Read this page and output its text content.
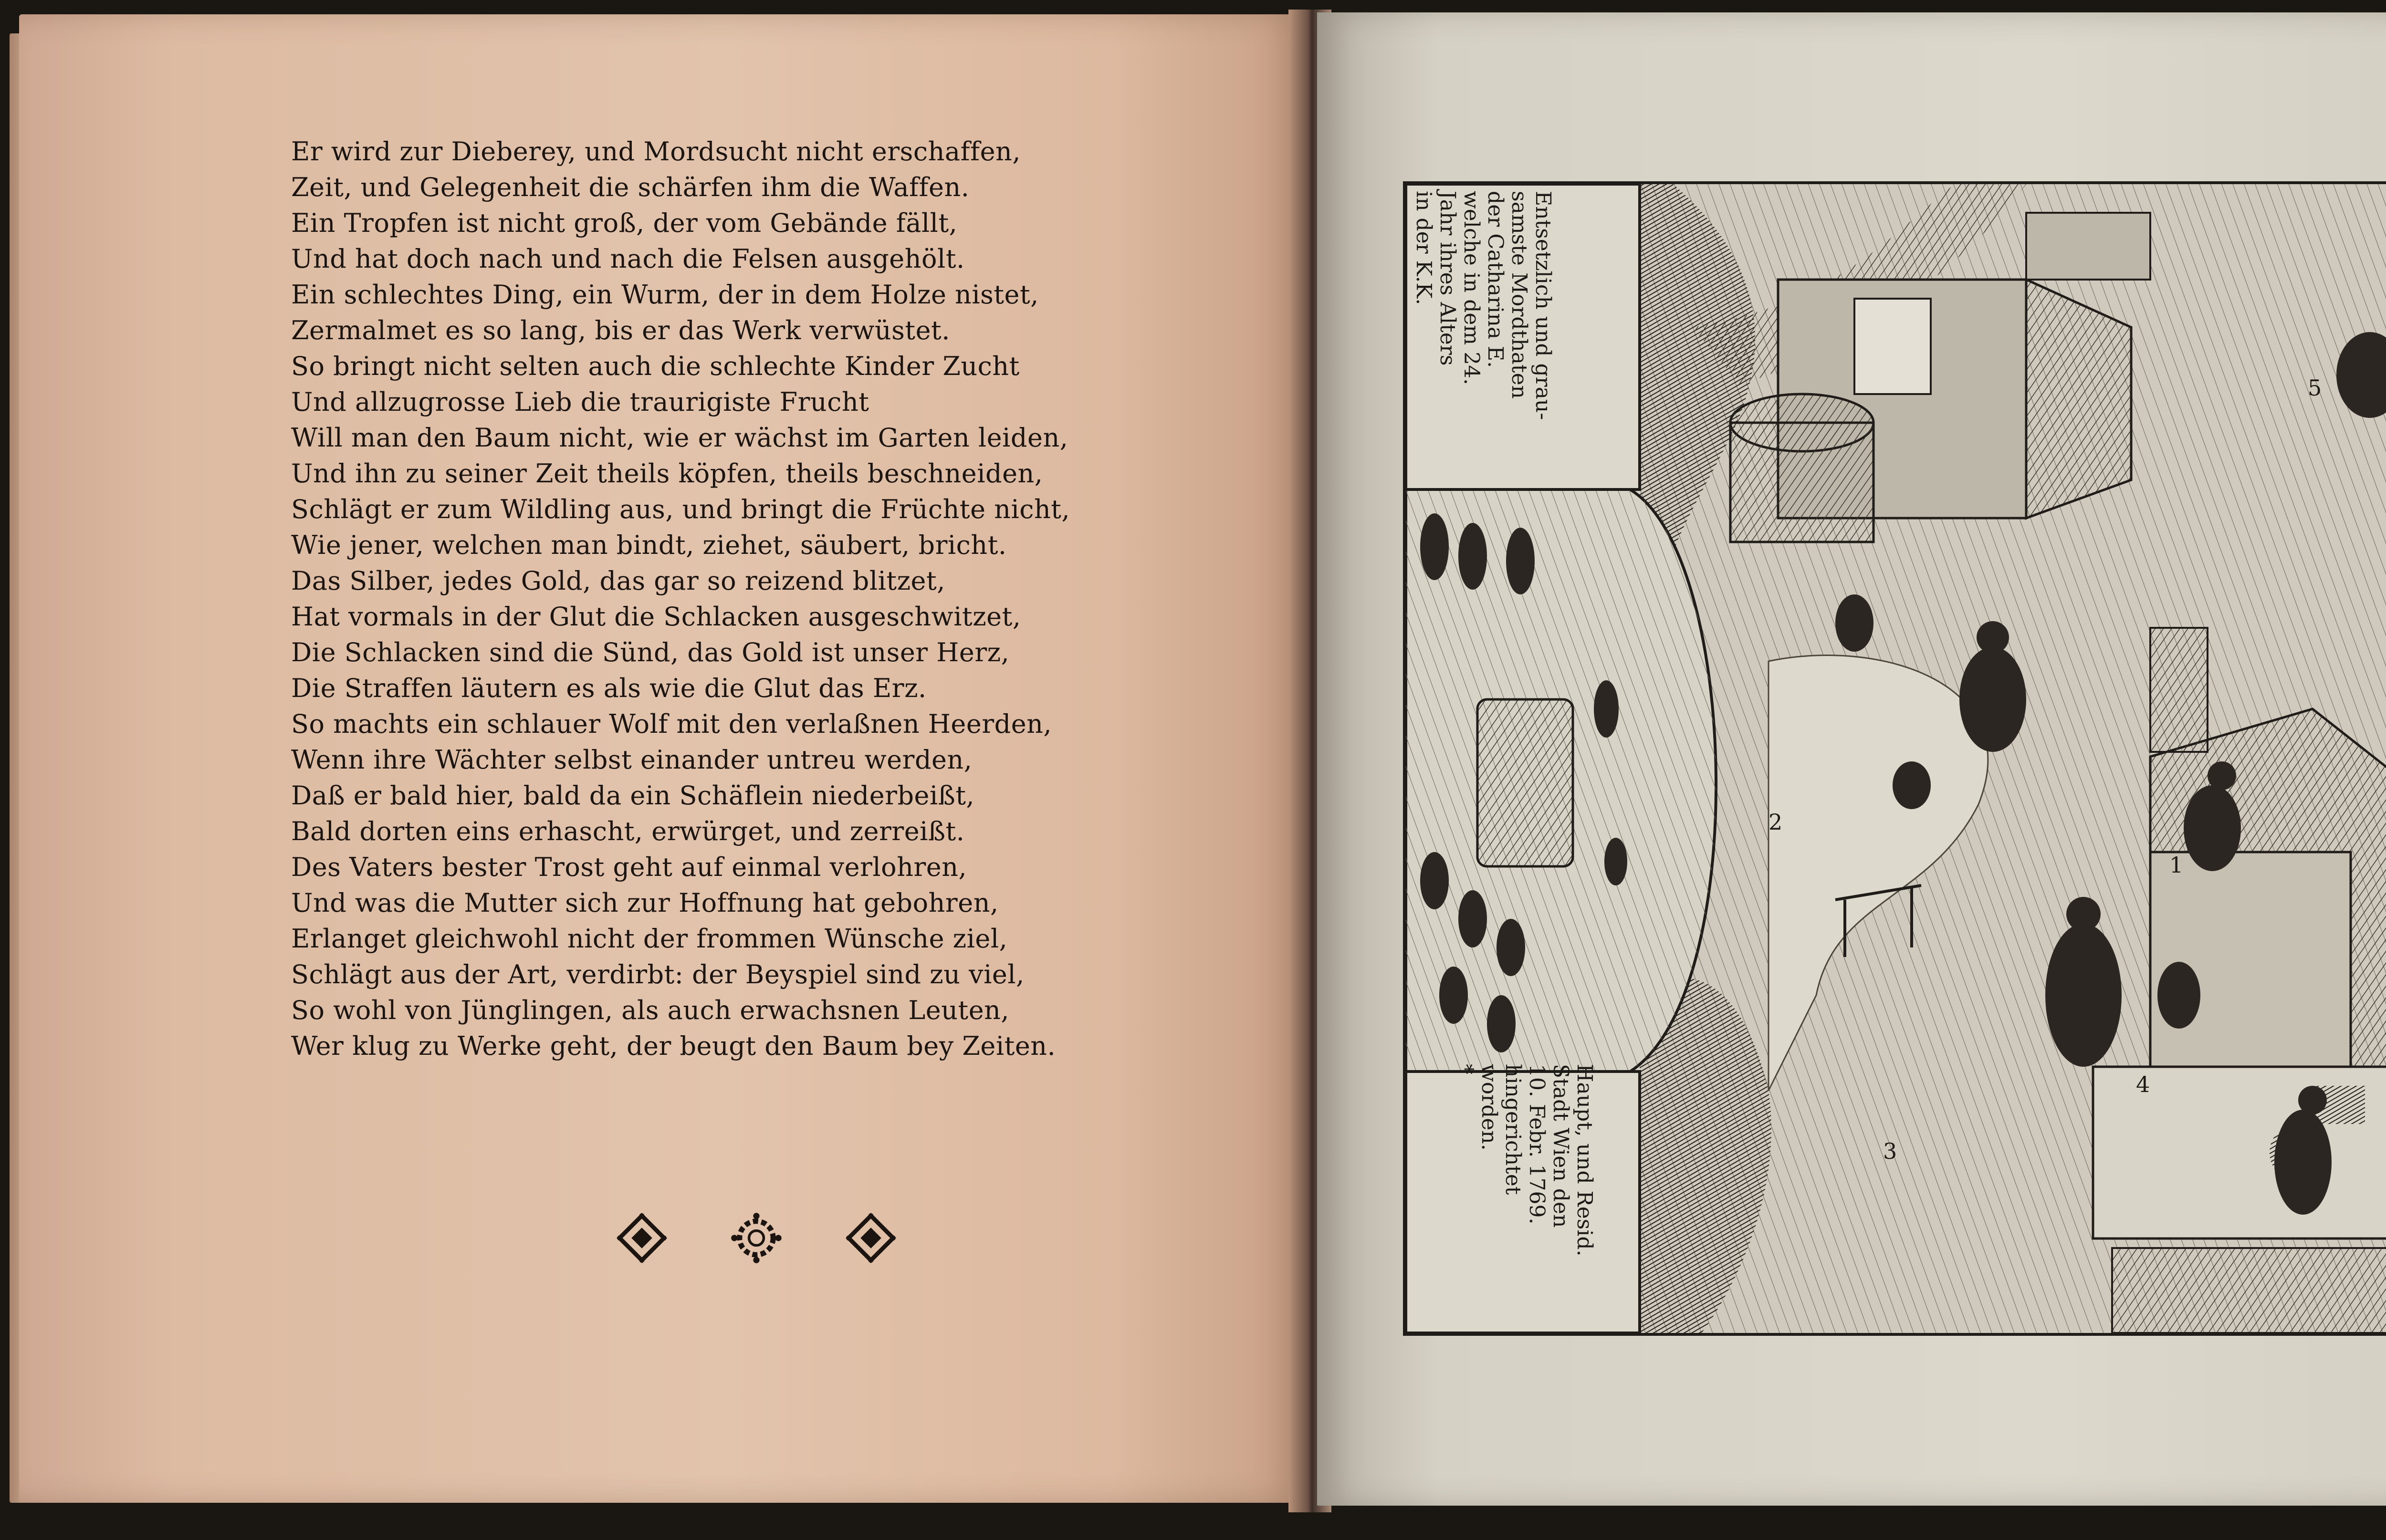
Er wird zur Dieberey, und Mordsucht nicht erschaffen,
Zeit, und Gelegenheit die schärfen ihm die Waffen.
Ein Tropfen ist nicht groß, der vom Gebände fällt,
Und hat doch nach und nach die Felsen ausgehölt.
Ein schlechtes Ding, ein Wurm, der in dem Holze nistet,
Zermalmet es so lang, bis er das Werk verwüstet.
So bringt nicht selten auch die schlechte Kinder Zucht
Und allzugrosse Lieb die traurigiste Frucht
Will man den Baum nicht, wie er wächst im Garten leiden,
Und ihn zu seiner Zeit theils köpfen, theils beschneiden,
Schlägt er zum Wildling aus, und bringt die Früchte nicht,
Wie jener, welchen man bindt, ziehet, säubert, bricht.
Das Silber, jedes Gold, das gar so reizend blitzet,
Hat vormals in der Glut die Schlacken ausgeschwitzet,
Die Schlacken sind die Sünd, das Gold ist unser Herz,
Die Straffen läutern es als wie die Glut das Erz.
So machts ein schlauer Wolf mit den verlaßnen Heerden,
Wenn ihre Wächter selbst einander untreu werden,
Daß er bald hier, bald da ein Schäflein niederbeißt,
Bald dorten eins erhascht, erwürget, und zerreißt.
Des Vaters bester Trost geht auf einmal verlohren,
Und was die Mutter sich zur Hoffnung hat gebohren,
Erlanget gleichwohl nicht der frommen Wünsche ziel,
Schlägt aus der Art, verdirbt: der Beyspiel sind zu viel,
So wohl von Jünglingen, als auch erwachsnen Leuten,
Wer klug zu Werke geht, der beugt den Baum bey Zeiten.
1
2
3
4
5
Entsetzlich und grau-
samste Mordthaten
der Catharina E.
welche in dem 24.
Jahr ihres Alters
in der K.K.
Haupt, und Resid.
Stadt Wien den
10. Febr. 1769.
hingerichtet
worden.
*
